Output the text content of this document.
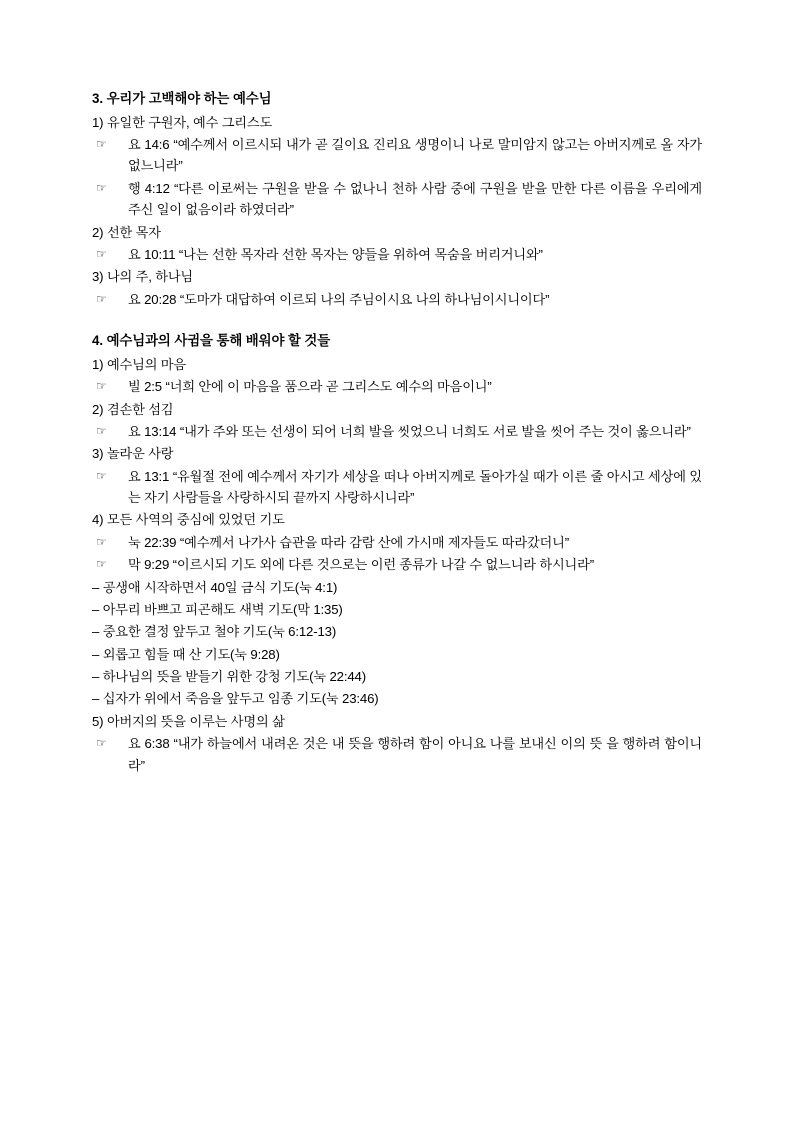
3. 우리가 고백해야 하는 예수님

1) 유일한 구원자, 예수 그리스도

☞ 요 14:6 “예수께서 이르시되 내가 곧 길이요 진리요 생명이니 나로 말미암지 않고는 아버지께로 올 자가 없느니라”

☞ 행 4:12 “다른 이로써는 구원을 받을 수 없나니 천하 사람 중에 구원을 받을 만한 다른 이름을 우리에게 주신 일이 없음이라 하였더라”

2) 선한 목자

☞ 요 10:11 “나는 선한 목자라 선한 목자는 양들을 위하여 목숨을 버리거니와”

3) 나의 주, 하나님

☞ 요 20:28 “도마가 대답하여 이르되 나의 주님이시요 나의 하나님이시니이다”

4. 예수님과의 사귐을 통해 배워야 할 것들

1) 예수님의 마음

☞ 빌 2:5 “너희 안에 이 마음을 품으라 곧 그리스도 예수의 마음이니”

2) 겸손한 섬김

☞ 요 13:14 “내가 주와 또는 선생이 되어 너희 발을 씻었으니 너희도 서로 발을 씻어 주는 것이 옳으니라”

3) 놀라운 사랑

☞ 요 13:1 “유월절 전에 예수께서 자기가 세상을 떠나 아버지께로 돌아가실 때가 이른 줄 아시고 세상에 있는 자기 사람들을 사랑하시되 끝까지 사랑하시니라”

4) 모든 사역의 중심에 있었던 기도

☞ 눅 22:39 “예수께서 나가사 습관을 따라 감람 산에 가시매 제자들도 따라갔더니”

☞ 막 9:29 “이르시되 기도 외에 다른 것으로는 이런 종류가 나갈 수 없느니라 하시니라”

– 공생애 시작하면서 40일 금식 기도(눅 4:1)

– 아무리 바쁘고 피곤해도 새벽 기도(막 1:35)

– 중요한 결정 앞두고 철야 기도(눅 6:12-13)

– 외롭고 힘들 때 산 기도(눅 9:28)

– 하나님의 뜻을 받들기 위한 강청 기도(눅 22:44)

– 십자가 위에서 죽음을 앞두고 임종 기도(눅 23:46)

5) 아버지의 뜻을 이루는 사명의 삶

☞ 요 6:38 “내가 하늘에서 내려온 것은 내 뜻을 행하려 함이 아니요 나를 보내신 이의 뜻 을 행하려 함이니라”
